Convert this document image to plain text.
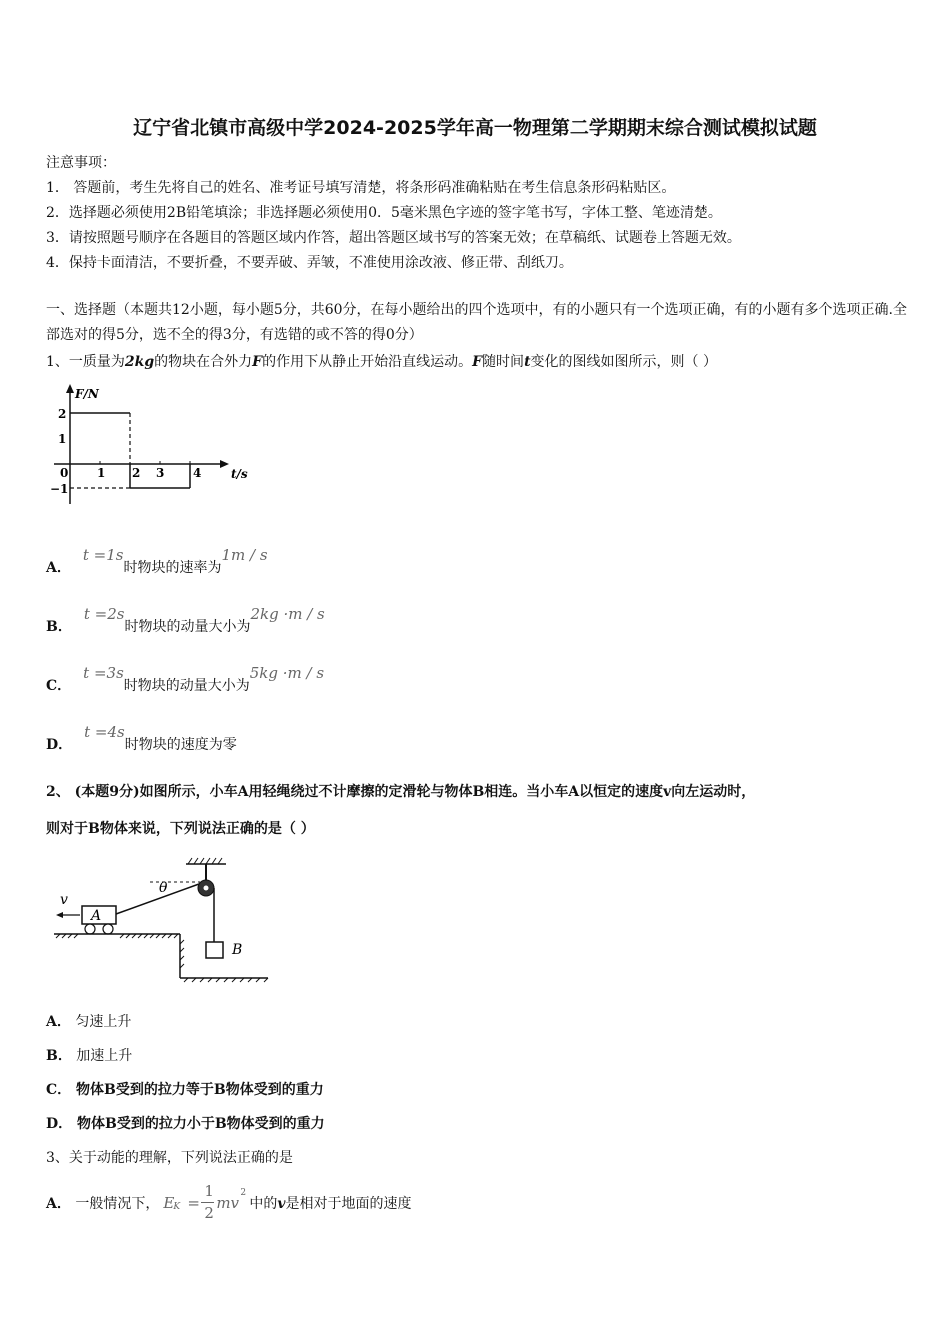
辽宁省北镇市高级中学2024-2025学年高一物理第二学期期末综合测试模拟试题
注意事项：
1． 答题前，考生先将自己的姓名、准考证号填写清楚，将条形码准确粘贴在考生信息条形码粘贴区。
2．选择题必须使用2B铅笔填涂；非选择题必须使用0．5毫米黑色字迹的签字笔书写，字体工整、笔迹清楚。
3．请按照题号顺序在各题目的答题区域内作答，超出答题区域书写的答案无效；在草稿纸、试题卷上答题无效。
4．保持卡面清洁，不要折叠，不要弄破、弄皱，不准使用涂改液、修正带、刮纸刀。
一、选择题（本题共12小题，每小题5分，共60分，在每小题给出的四个选项中，有的小题只有一个选项正确，有的小题有多个选项正确.全部选对的得5分，选不全的得3分，有选错的或不答的得0分）
1、一质量为2kg的物块在合外力F的作用下从静止开始沿直线运动。F随时间t变化的图线如图所示，则（ ）
F/N
t/s
2
1
0
−1
1 2 3 4
A．t =1s时物块的速率为1m / s
B．t =2s时物块的动量大小为2kg ·m / s
C．t =3s时物块的动量大小为5kg ·m / s
D．t =4s时物块的速度为零
2、 (本题9分)如图所示，小车A用轻绳绕过不计摩擦的定滑轮与物体B相连。当小车A以恒定的速度v向左运动时，
则对于B物体来说，下列说法正确的是（ ）
B
θ
A
v
A． 匀速上升
B． 加速上升
C． 物体B受到的拉力等于B物体受到的重力
D． 物体B受到的拉力小于B物体受到的重力
3、关于动能的理解，下列说法正确的是
A． 一般情况下， E K =
1
2
mv
2
中的v是相对于地面的速度
